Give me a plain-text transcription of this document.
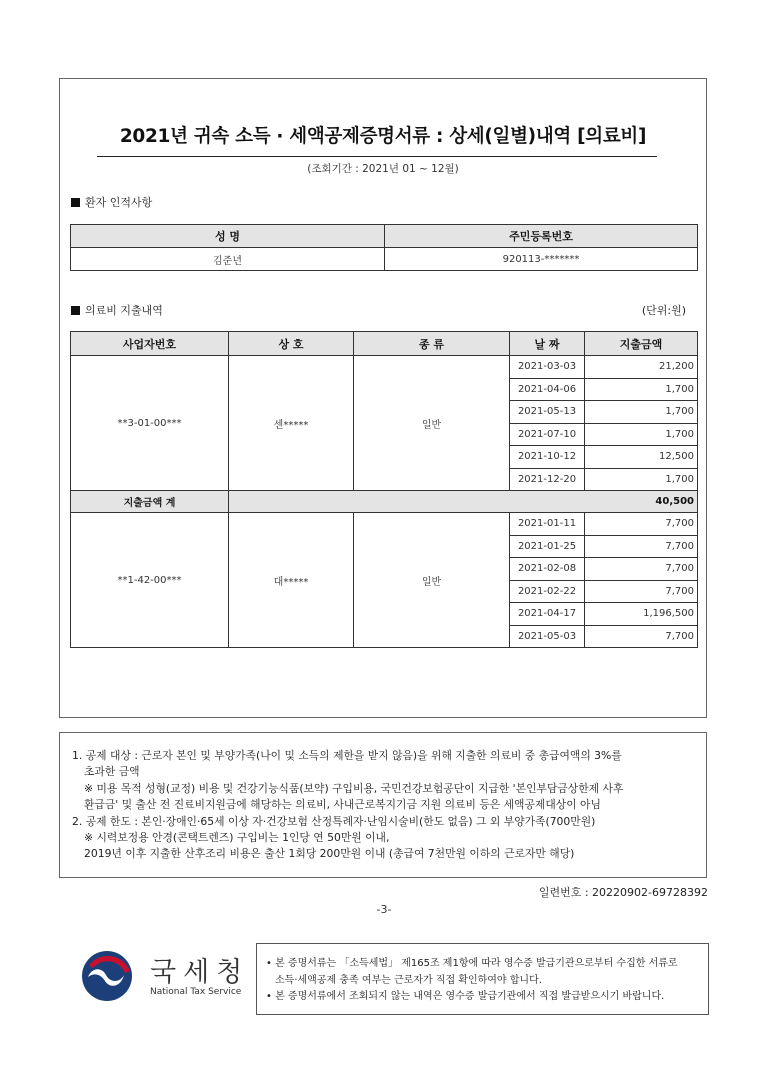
2021년 귀속 소득 · 세액공제증명서류 : 상세(일별)내역 [의료비]
(조회기간 : 2021년 01 ~ 12월)
환자 인적사항
성 명	주민등록번호
김준년	920113-*******
의료비 지출내역	(단위:원)
사업자번호	상 호	종 류	날 짜	지출금액
**3-01-00***	센*****	일반	2021-03-03	21,200
			2021-04-06	1,700
			2021-05-13	1,700
			2021-07-10	1,700
			2021-10-12	12,500
			2021-12-20	1,700
지출금액 계	40,500			
**1-42-00***	대*****	일반	2021-01-11	7,700
			2021-01-25	7,700
			2021-02-08	7,700
			2021-02-22	7,700
			2021-04-17	1,196,500
			2021-05-03	7,700
1. 공제 대상 : 근로자 본인 및 부양가족(나이 및 소득의 제한을 받지 않음)을 위해 지출한 의료비 중 총급여액의 3%를
초과한 금액
※ 미용 목적 성형(교정) 비용 및 건강기능식품(보약) 구입비용, 국민건강보험공단이 지급한 '본인부담금상한제 사후
환급금' 및 출산 전 진료비지원금에 해당하는 의료비, 사내근로복지기금 지원 의료비 등은 세액공제대상이 아님
2. 공제 한도 : 본인·장애인·65세 이상 자·건강보험 산정특례자·난임시술비(한도 없음) 그 외 부양가족(700만원)
※ 시력보정용 안경(콘택트렌즈) 구입비는 1인당 연 50만원 이내,
2019년 이후 지출한 산후조리 비용은 출산 1회당 200만원 이내 (총급여 7천만원 이하의 근로자만 해당)
일련번호 : 20220902-69728392
-3-
국세청
National Tax Service
• 본 증명서류는 「소득세법」 제165조 제1항에 따라 영수증 발급기관으로부터 수집한 서류로
소득·세액공제 충족 여부는 근로자가 직접 확인하여야 합니다.
• 본 증명서류에서 조회되지 않는 내역은 영수증 발급기관에서 직접 발급받으시기 바랍니다.
